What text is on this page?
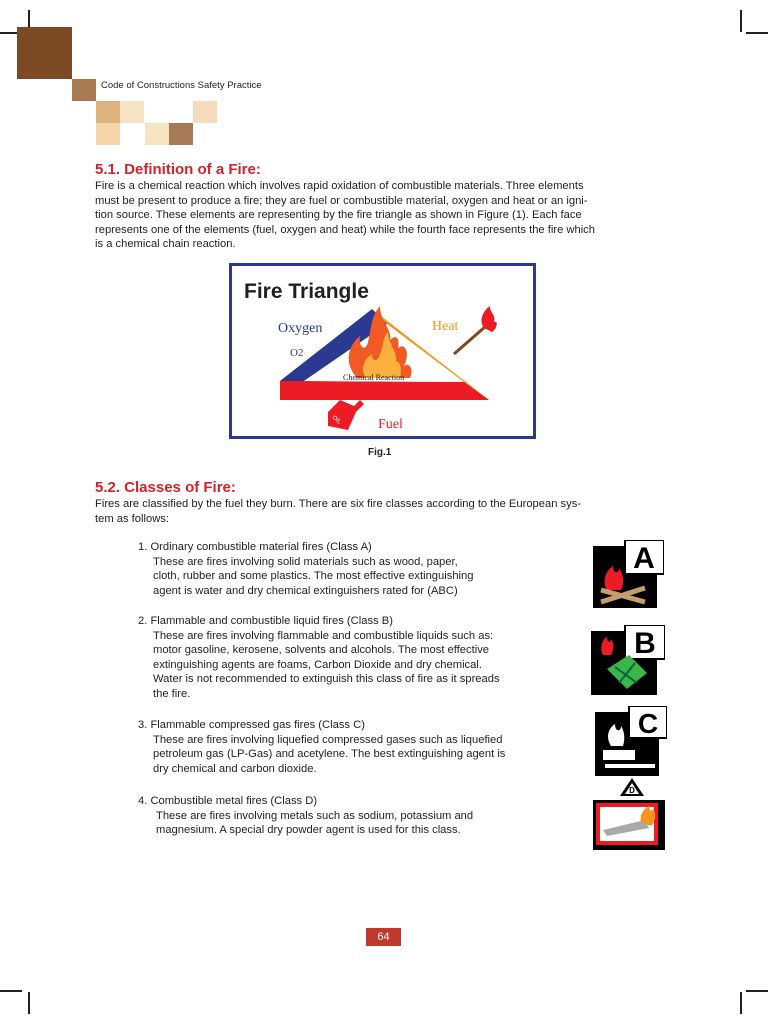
Code of Constructions Safety Practice
5.1. Definition of a Fire:

Fire is a chemical reaction which involves rapid oxidation of combustible materials. Three elements
must be present to produce a fire; they are fuel or combustible material, oxygen and heat or an igni-
tion source. These elements are representing by the fire triangle as shown in Figure (1). Each face
represents one of the elements (fuel, oxygen and heat) while the fourth face represents the fire which
is a chemical chain reaction.

Fire Triangle
Chemical Reaction
Oxygen
O2
Heat
Fuel
OIL
Fig.1
5.2. Classes of Fire:

Fires are classified by the fuel they burn. There are six fire classes according to the European sys-
tem as follows:

1. Ordinary combustible material fires (Class A)
These are fires involving solid materials such as wood, paper,
cloth, rubber and some plastics. The most effective extinguishing
agent is water and dry chemical extinguishers rated for (ABC)
A
2. Flammable and combustible liquid fires (Class B)
These are fires involving flammable and combustible liquids such as:
motor gasoline, kerosene, solvents and alcohols. The most effective
extinguishing agents are foams, Carbon Dioxide and dry chemical.
Water is not recommended to extinguish this class of fire as it spreads
the fire.
B
3. Flammable compressed gas fires (Class C)
These are fires involving liquefied compressed gases such as liquefied
petroleum gas (LP-Gas) and acetylene. The best extinguishing agent is
dry chemical and carbon dioxide.
C
D
4. Combustible metal fires (Class D)
These are fires involving metals such as sodium, potassium and
magnesium. A special dry powder agent is used for this class.
64
